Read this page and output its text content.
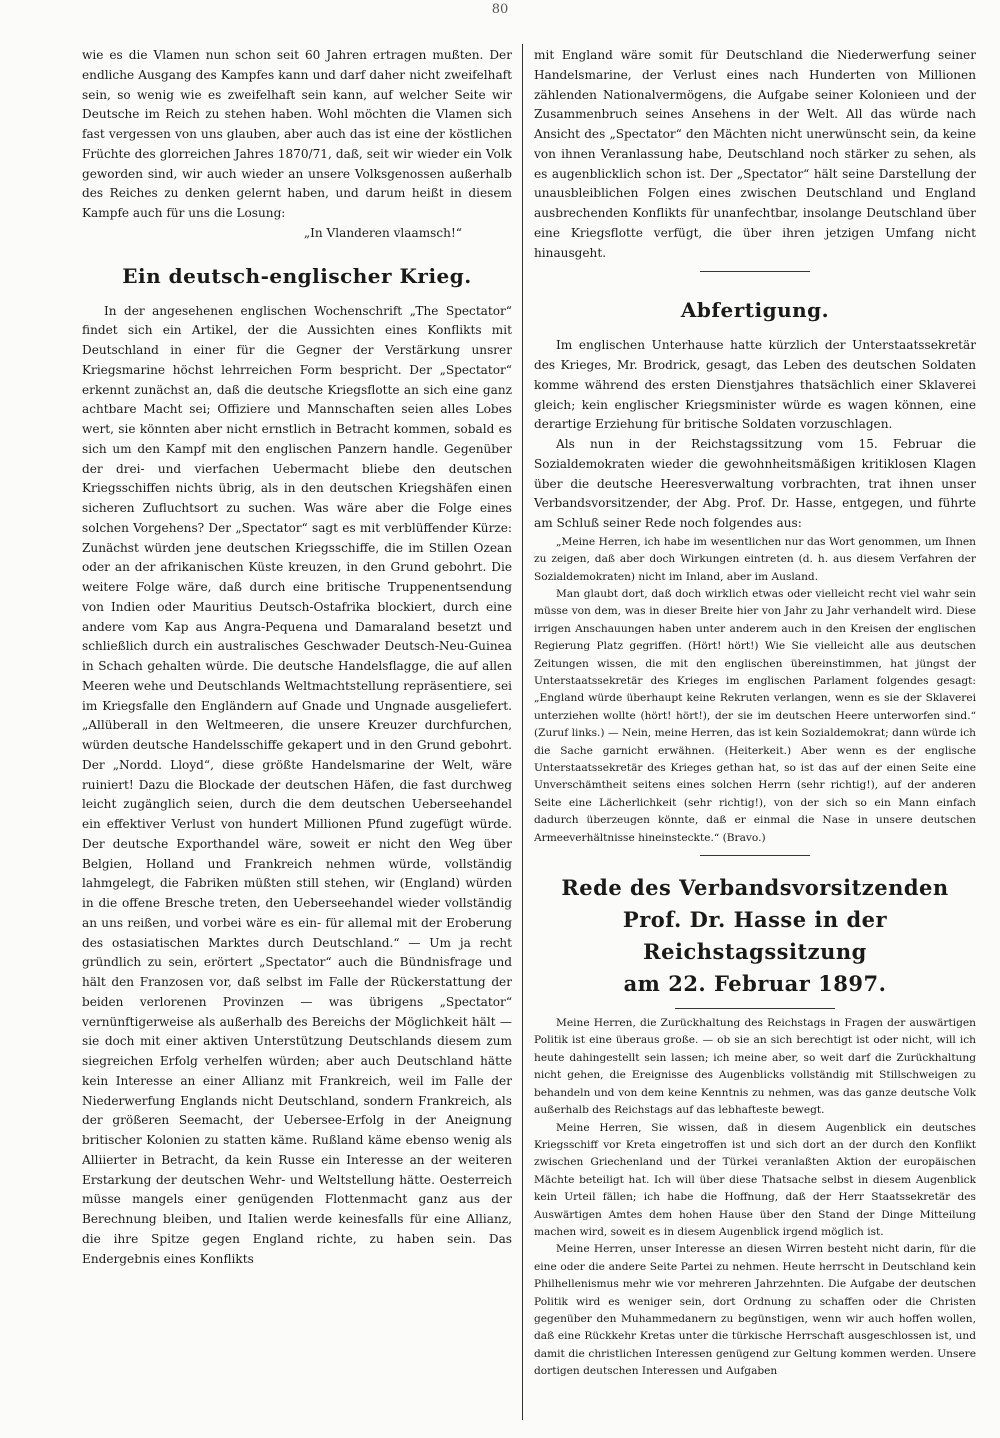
80

wie es die Vlamen nun schon seit 60 Jahren ertragen mußten. Der endliche Ausgang des Kampfes kann und darf daher nicht zweifelhaft sein, so wenig wie es zweifelhaft sein kann, auf welcher Seite wir Deutsche im Reich zu stehen haben. Wohl möchten die Vlamen sich fast vergessen von uns glauben, aber auch das ist eine der köstlichen Früchte des glorreichen Jahres 1870/71, daß, seit wir wieder ein Volk geworden sind, wir auch wieder an unsere Volksgenossen außerhalb des Reiches zu denken gelernt haben, und darum heißt in diesem Kampfe auch für uns die Losung:

„In Vlanderen vlaamsch!“

Ein deutsch-englischer Krieg.

In der angesehenen englischen Wochenschrift „The Spectator“ findet sich ein Artikel, der die Aussichten eines Konflikts mit Deutschland in einer für die Gegner der Verstärkung unsrer Kriegsmarine höchst lehrreichen Form bespricht. Der „Spectator“ erkennt zunächst an, daß die deutsche Kriegsflotte an sich eine ganz achtbare Macht sei; Offiziere und Mannschaften seien alles Lobes wert, sie könnten aber nicht ernstlich in Betracht kommen, sobald es sich um den Kampf mit den englischen Panzern handle. Gegenüber der drei- und vierfachen Uebermacht bliebe den deutschen Kriegsschiffen nichts übrig, als in den deutschen Kriegshäfen einen sicheren Zufluchtsort zu suchen. Was wäre aber die Folge eines solchen Vorgehens? Der „Spectator“ sagt es mit verblüffender Kürze: Zunächst würden jene deutschen Kriegsschiffe, die im Stillen Ozean oder an der afrikanischen Küste kreuzen, in den Grund gebohrt. Die weitere Folge wäre, daß durch eine britische Truppenentsendung von Indien oder Mauritius Deutsch-Ostafrika blockiert, durch eine andere vom Kap aus Angra-Pequena und Damaraland besetzt und schließlich durch ein australisches Geschwader Deutsch-Neu-Guinea in Schach gehalten würde. Die deutsche Handelsflagge, die auf allen Meeren wehe und Deutschlands Weltmachtstellung repräsentiere, sei im Kriegsfalle den Engländern auf Gnade und Ungnade ausgeliefert. „Allüberall in den Weltmeeren, die unsere Kreuzer durchfurchen, würden deutsche Handelsschiffe gekapert und in den Grund gebohrt. Der „Nordd. Lloyd“, diese größte Handelsmarine der Welt, wäre ruiniert! Dazu die Blockade der deutschen Häfen, die fast durchweg leicht zugänglich seien, durch die dem deutschen Ueberseehandel ein effektiver Verlust von hundert Millionen Pfund zugefügt würde. Der deutsche Exporthandel wäre, soweit er nicht den Weg über Belgien, Holland und Frankreich nehmen würde, vollständig lahmgelegt, die Fabriken müßten still stehen, wir (England) würden in die offene Bresche treten, den Ueberseehandel wieder vollständig an uns reißen, und vorbei wäre es ein- für allemal mit der Eroberung des ostasiatischen Marktes durch Deutschland.“ — Um ja recht gründlich zu sein, erörtert „Spectator“ auch die Bündnisfrage und hält den Franzosen vor, daß selbst im Falle der Rückerstattung der beiden verlorenen Provinzen — was übrigens „Spectator“ vernünftigerweise als außerhalb des Bereichs der Möglichkeit hält — sie doch mit einer aktiven Unterstützung Deutschlands diesem zum siegreichen Erfolg verhelfen würden; aber auch Deutschland hätte kein Interesse an einer Allianz mit Frankreich, weil im Falle der Niederwerfung Englands nicht Deutschland, sondern Frankreich, als der größeren Seemacht, der Uebersee-Erfolg in der Aneignung britischer Kolonien zu statten käme. Rußland käme ebenso wenig als Alliierter in Betracht, da kein Russe ein Interesse an der weiteren Erstarkung der deutschen Wehr- und Weltstellung hätte. Oesterreich müsse mangels einer genügenden Flottenmacht ganz aus der Berechnung bleiben, und Italien werde keinesfalls für eine Allianz, die ihre Spitze gegen England richte, zu haben sein. Das Endergebnis eines Konflikts

mit England wäre somit für Deutschland die Niederwerfung seiner Handelsmarine, der Verlust eines nach Hunderten von Millionen zählenden Nationalvermögens, die Aufgabe seiner Kolonieen und der Zusammenbruch seines Ansehens in der Welt. All das würde nach Ansicht des „Spectator“ den Mächten nicht unerwünscht sein, da keine von ihnen Veranlassung habe, Deutschland noch stärker zu sehen, als es augenblicklich schon ist. Der „Spectator“ hält seine Darstellung der unausbleiblichen Folgen eines zwischen Deutschland und England ausbrechenden Konflikts für unanfechtbar, insolange Deutschland über eine Kriegsflotte verfügt, die über ihren jetzigen Umfang nicht hinausgeht.

Abfertigung.

Im englischen Unterhause hatte kürzlich der Unterstaatssekretär des Krieges, Mr. Brodrick, gesagt, das Leben des deutschen Soldaten komme während des ersten Dienstjahres thatsächlich einer Sklaverei gleich; kein englischer Kriegsminister würde es wagen können, eine derartige Erziehung für britische Soldaten vorzuschlagen.

Als nun in der Reichstagssitzung vom 15. Februar die Sozialdemokraten wieder die gewohnheitsmäßigen kritiklosen Klagen über die deutsche Heeresverwaltung vorbrachten, trat ihnen unser Verbandsvorsitzender, der Abg. Prof. Dr. Hasse, entgegen, und führte am Schluß seiner Rede noch folgendes aus:

„Meine Herren, ich habe im wesentlichen nur das Wort genommen, um Ihnen zu zeigen, daß aber doch Wirkungen eintreten (d. h. aus diesem Verfahren der Sozialdemokraten) nicht im Inland, aber im Ausland.

Man glaubt dort, daß doch wirklich etwas oder vielleicht recht viel wahr sein müsse von dem, was in dieser Breite hier von Jahr zu Jahr verhandelt wird. Diese irrigen Anschauungen haben unter anderem auch in den Kreisen der englischen Regierung Platz gegriffen. (Hört! hört!) Wie Sie vielleicht alle aus deutschen Zeitungen wissen, die mit den englischen übereinstimmen, hat jüngst der Unterstaatssekretär des Krieges im englischen Parlament folgendes gesagt: „England würde überhaupt keine Rekruten verlangen, wenn es sie der Sklaverei unterziehen wollte (hört! hört!), der sie im deutschen Heere unterworfen sind.“ (Zuruf links.) — Nein, meine Herren, das ist kein Sozialdemokrat; dann würde ich die Sache garnicht erwähnen. (Heiterkeit.) Aber wenn es der englische Unterstaatssekretär des Krieges gethan hat, so ist das auf der einen Seite eine Unverschämtheit seitens eines solchen Herrn (sehr richtig!), auf der anderen Seite eine Lächerlichkeit (sehr richtig!), von der sich so ein Mann einfach dadurch überzeugen könnte, daß er einmal die Nase in unsere deutschen Armeeverhältnisse hineinsteckte.“ (Bravo.)

Rede des Verbandsvorsitzenden
Prof. Dr. Hasse in der Reichstagssitzung
am 22. Februar 1897.

Meine Herren, die Zurückhaltung des Reichstags in Fragen der auswärtigen Politik ist eine überaus große. — ob sie an sich berechtigt ist oder nicht, will ich heute dahingestellt sein lassen; ich meine aber, so weit darf die Zurückhaltung nicht gehen, die Ereignisse des Augenblicks vollständig mit Stillschweigen zu behandeln und von dem keine Kenntnis zu nehmen, was das ganze deutsche Volk außerhalb des Reichstags auf das lebhafteste bewegt.

Meine Herren, Sie wissen, daß in diesem Augenblick ein deutsches Kriegsschiff vor Kreta eingetroffen ist und sich dort an der durch den Konflikt zwischen Griechenland und der Türkei veranlaßten Aktion der europäischen Mächte beteiligt hat. Ich will über diese Thatsache selbst in diesem Augenblick kein Urteil fällen; ich habe die Hoffnung, daß der Herr Staatssekretär des Auswärtigen Amtes dem hohen Hause über den Stand der Dinge Mitteilung machen wird, soweit es in diesem Augenblick irgend möglich ist.

Meine Herren, unser Interesse an diesen Wirren besteht nicht darin, für die eine oder die andere Seite Partei zu nehmen. Heute herrscht in Deutschland kein Philhellenismus mehr wie vor mehreren Jahrzehnten. Die Aufgabe der deutschen Politik wird es weniger sein, dort Ordnung zu schaffen oder die Christen gegenüber den Muhammedanern zu begünstigen, wenn wir auch hoffen wollen, daß eine Rückkehr Kretas unter die türkische Herrschaft ausgeschlossen ist, und damit die christlichen Interessen genügend zur Geltung kommen werden. Unsere dortigen deutschen Interessen und Aufgaben
